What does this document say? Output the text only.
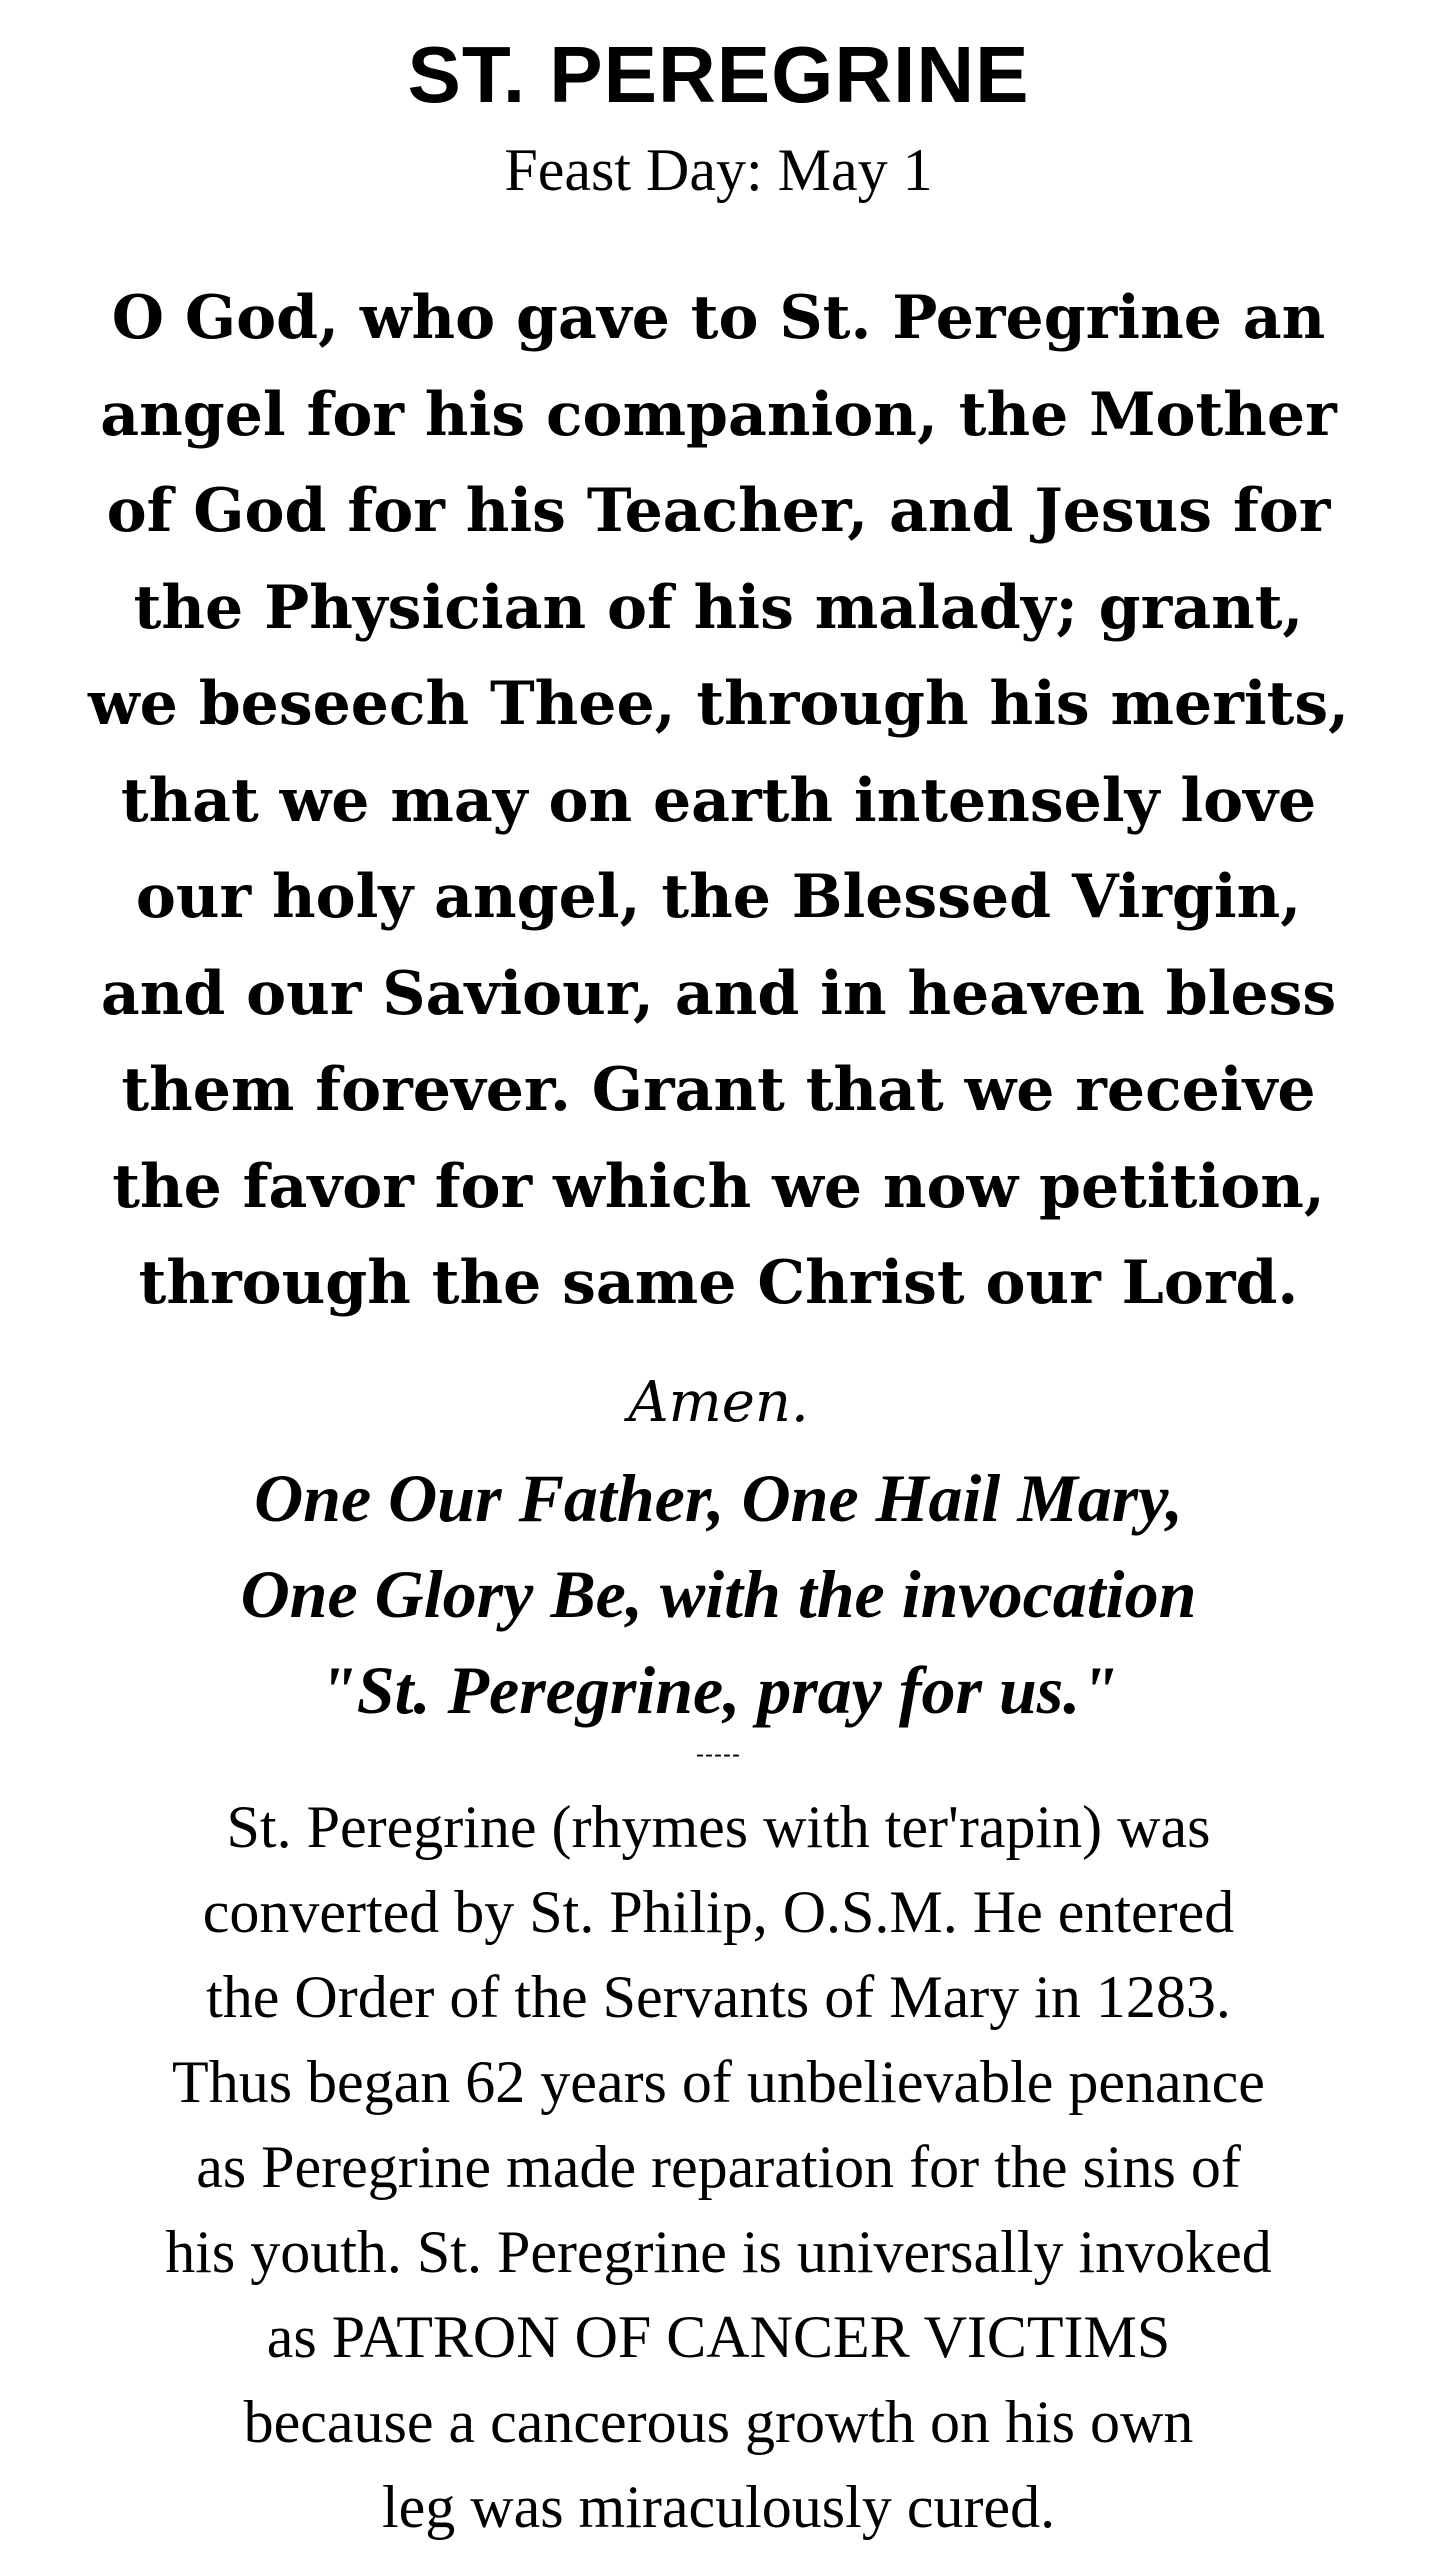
ST. PEREGRINE
Feast Day: May 1
O God, who gave to St. Peregrine an
angel for his companion, the Mother
of God for his Teacher, and Jesus for
the Physician of his malady; grant,
we beseech Thee, through his merits,
that we may on earth intensely love
our holy angel, the Blessed Virgin,
and our Saviour, and in heaven bless
them forever. Grant that we receive
the favor for which we now petition,
through the same Christ our Lord.
Amen.
One Our Father, One Hail Mary,
One Glory Be, with the invocation
"St. Peregrine, pray for us."
-----
St. Peregrine (rhymes with ter'rapin) was
converted by St. Philip, O.S.M. He entered
the Order of the Servants of Mary in 1283.
Thus began 62 years of unbelievable penance
as Peregrine made reparation for the sins of
his youth. St. Peregrine is universally invoked
as PATRON OF CANCER VICTIMS
because a cancerous growth on his own
leg was miraculously cured.
